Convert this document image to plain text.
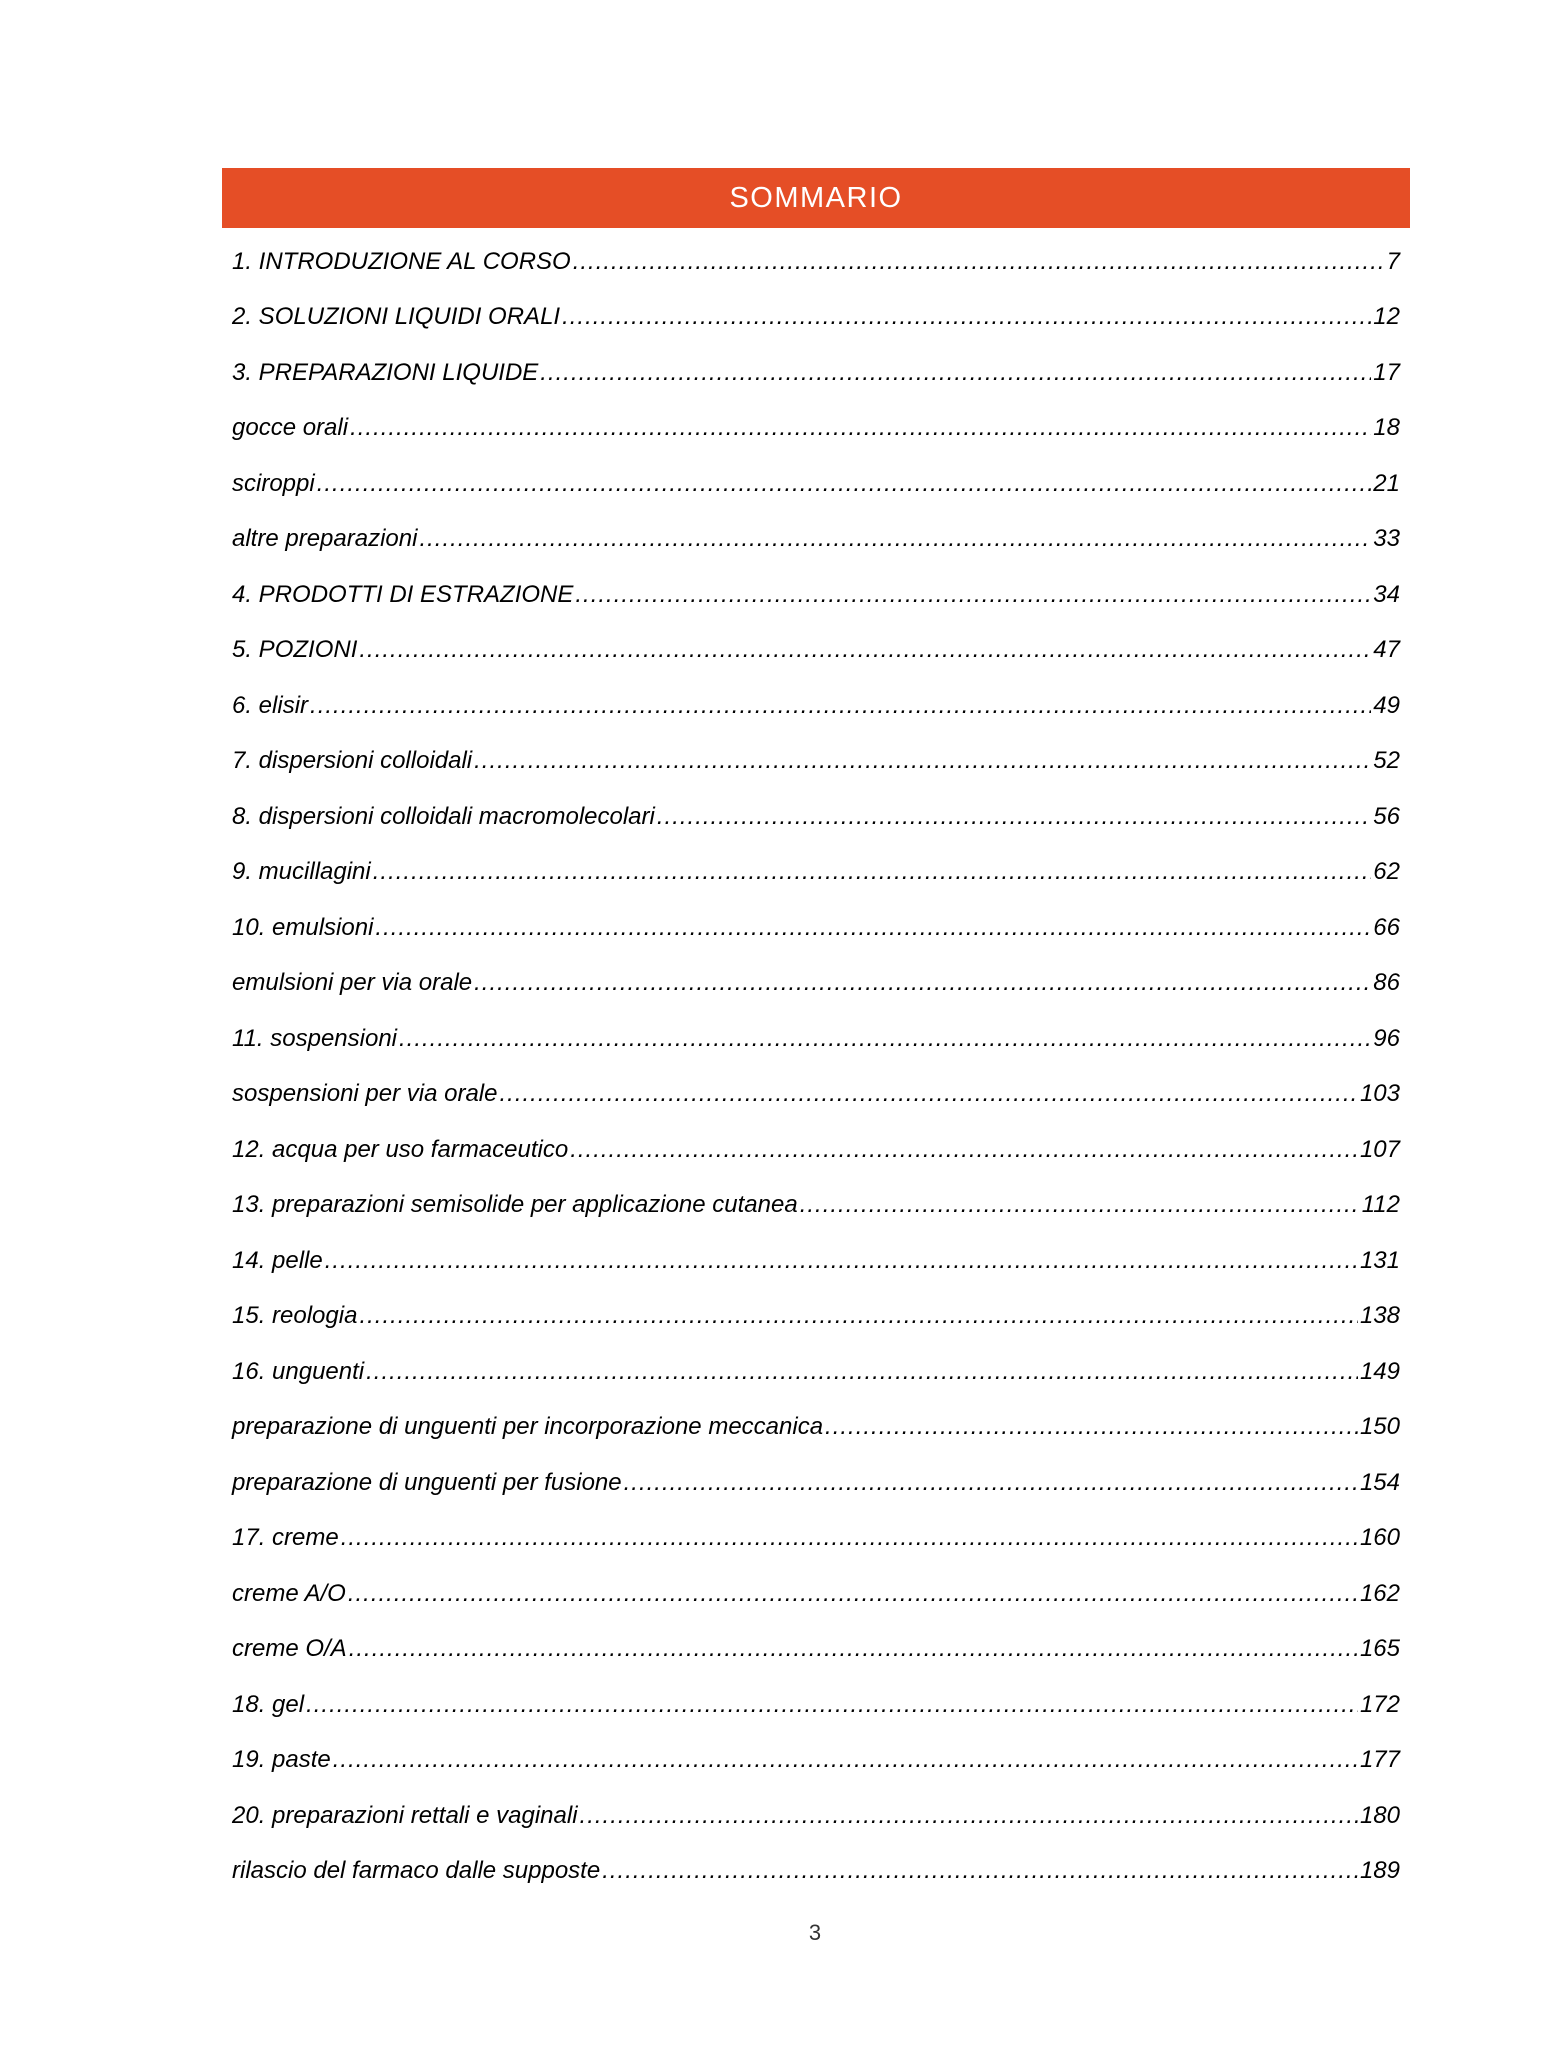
SOMMARIO
1. INTRODUZIONE AL CORSO .....	7
2. SOLUZIONI LIQUIDI ORALI .....	12
3. PREPARAZIONI LIQUIDE .....	17
gocce orali .....	18
sciroppi .....	21
altre preparazioni .....	33
4. PRODOTTI DI ESTRAZIONE .....	34
5. POZIONI .....	47
6. elisir .....	49
7. dispersioni colloidali .....	52
8. dispersioni colloidali macromolecolari .....	56
9. mucillagini .....	62
10. emulsioni .....	66
emulsioni per via orale .....	86
11. sospensioni .....	96
sospensioni per via orale .....	103
12. acqua per uso farmaceutico .....	107
13. preparazioni semisolide per applicazione cutanea .....	112
14. pelle .....	131
15. reologia .....	138
16. unguenti .....	149
preparazione di unguenti per incorporazione meccanica .....	150
preparazione di unguenti per fusione .....	154
17. creme .....	160
creme A/O .....	162
creme O/A .....	165
18. gel .....	172
19. paste .....	177
20. preparazioni rettali e vaginali .....	180
rilascio del farmaco dalle supposte .....	189
3
